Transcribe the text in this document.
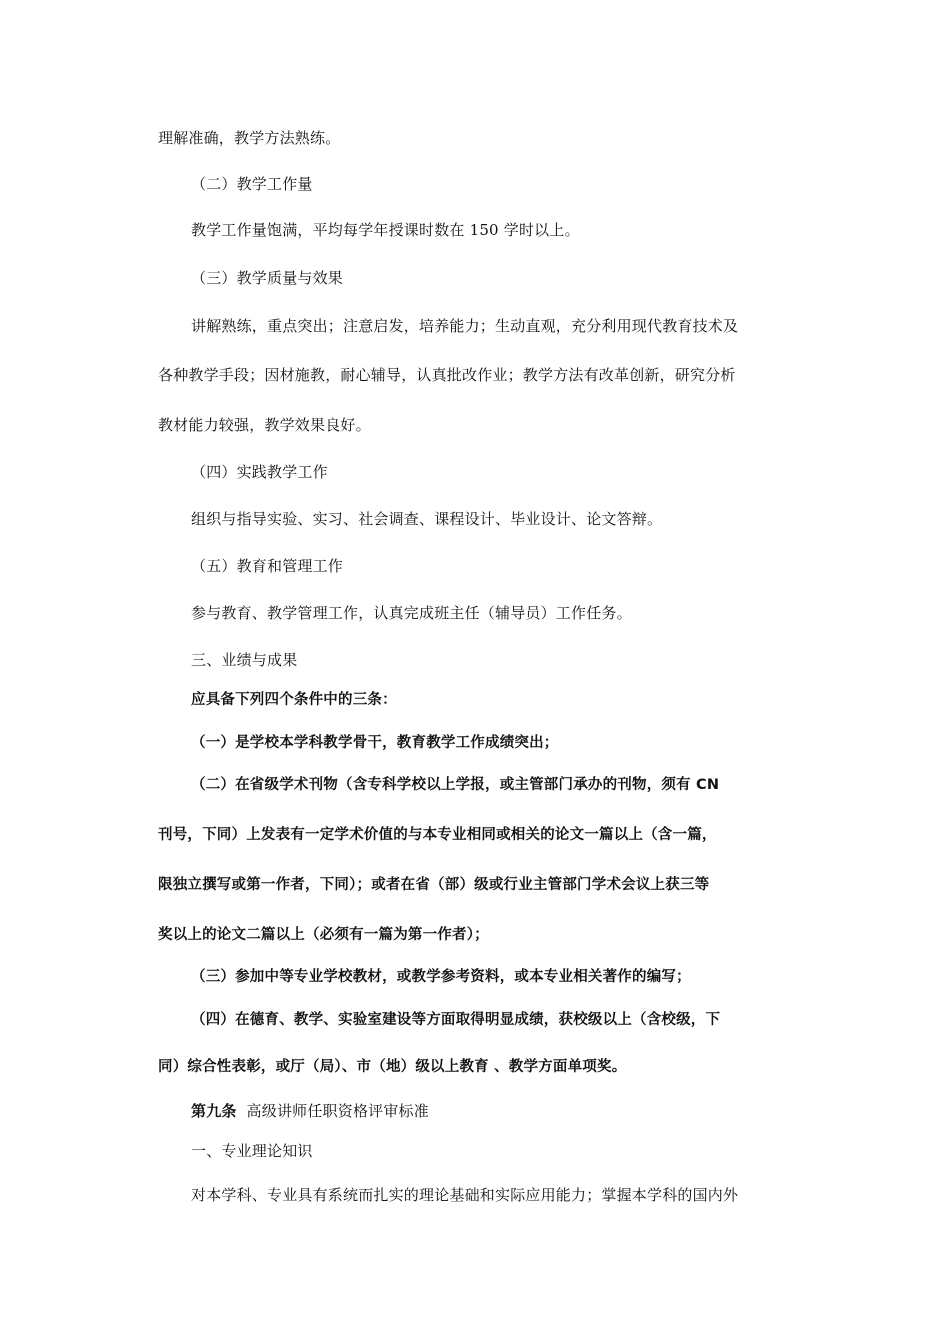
理解准确，教学方法熟练。
（二）教学工作量
教学工作量饱满，平均每学年授课时数在 150 学时以上。
（三）教学质量与效果
讲解熟练，重点突出；注意启发，培养能力；生动直观，充分利用现代教育技术及
各种教学手段；因材施教，耐心辅导，认真批改作业；教学方法有改革创新，研究分析
教材能力较强，教学效果良好。
（四）实践教学工作
组织与指导实验、实习、社会调查、课程设计、毕业设计、论文答辩。
（五）教育和管理工作
参与教育、教学管理工作，认真完成班主任（辅导员）工作任务。
三、业绩与成果
应具备下列四个条件中的三条：
（一）是学校本学科教学骨干，教育教学工作成绩突出；
（二）在省级学术刊物（含专科学校以上学报，或主管部门承办的刊物，须有 CN
刊号，下同）上发表有一定学术价值的与本专业相同或相关的论文一篇以上（含一篇，
限独立撰写或第一作者，下同）；或者在省（部）级或行业主管部门学术会议上获三等
奖以上的论文二篇以上（必须有一篇为第一作者）；
（三）参加中等专业学校教材，或教学参考资料，或本专业相关著作的编写；
（四）在德育、教学、实验室建设等方面取得明显成绩，获校级以上（含校级，下
同）综合性表彰，或厅（局）、市（地）级以上教育 、教学方面单项奖。
第九条 高级讲师任职资格评审标准
一、专业理论知识
对本学科、专业具有系统而扎实的理论基础和实际应用能力；掌握本学科的国内外
